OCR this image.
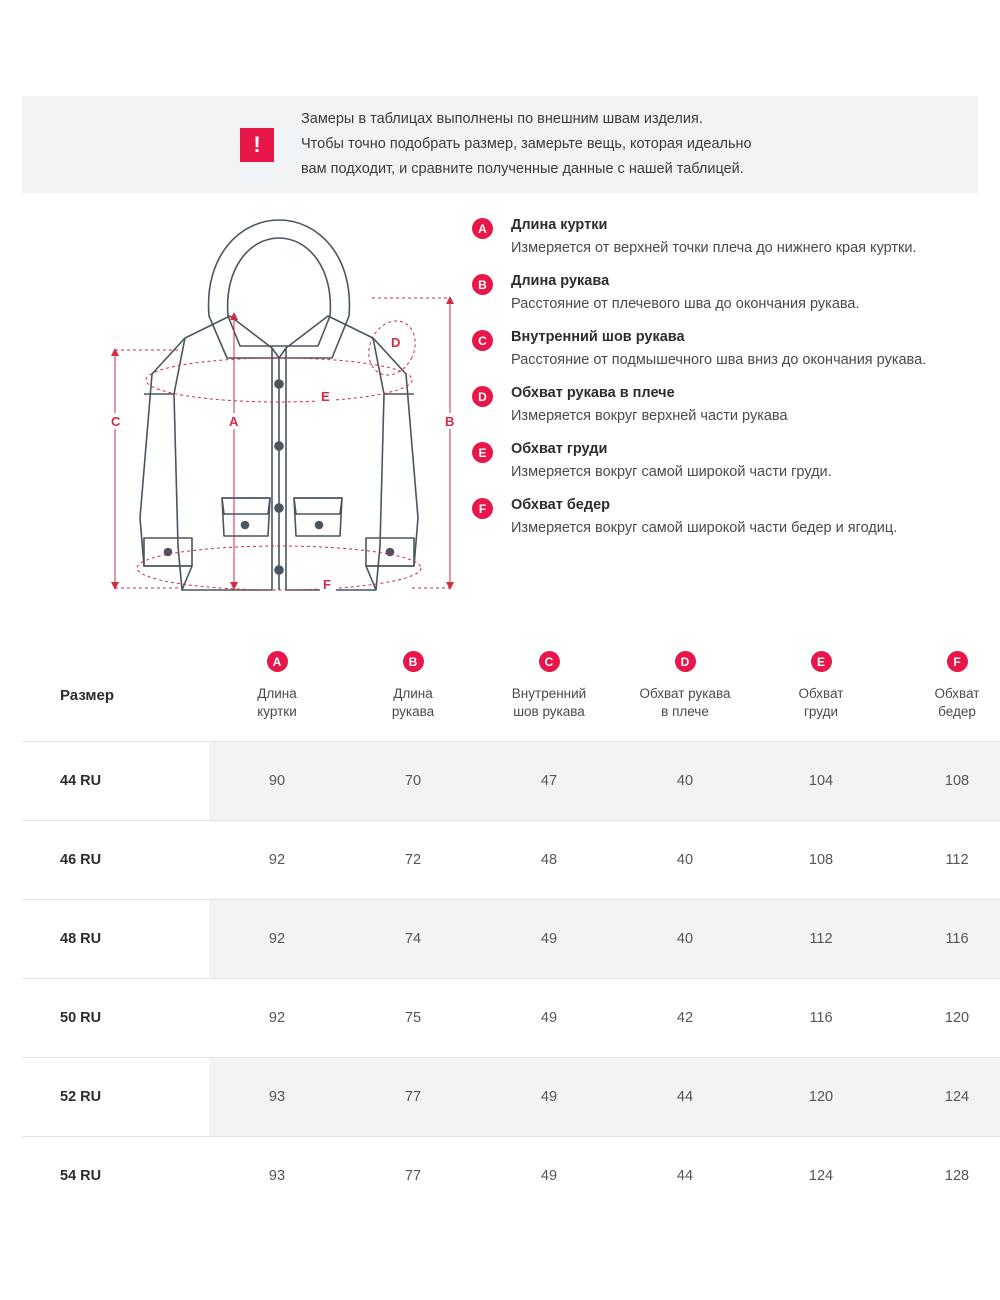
!
Замеры в таблицах выполнены по внешним швам изделия.
Чтобы точно подобрать размер, замерьте вещь, которая идеально
вам подходит, и сравните полученные данные с нашей таблицей.
C	A	B
D
E
F
A	Длина куртки
Измеряется от верхней точки плеча до нижнего края куртки.
B	Длина рукава
Расстояние от плечевого шва до окончания рукава.
C	Внутренний шов рукава
Расстояние от подмышечного шва вниз до окончания рукава.
D	Обхват рукава в плече
Измеряется вокруг верхней части рукава
E	Обхват груди
Измеряется вокруг самой широкой части груди.
F	Обхват бедер
Измеряется вокруг самой широкой части бедер и ягодиц.
Размер
	A
Длина
куртки
	B
Длина
рукава
	C
Внутренний
шов рукава
	D
Обхват рукава
в плече
	E
Обхват
груди
	F
Обхват
бедер

44 RU	90	70	47	40	104	108
46 RU	92	72	48	40	108	112
48 RU	92	74	49	40	112	116
50 RU	92	75	49	42	116	120
52 RU	93	77	49	44	120	124
54 RU	93	77	49	44	124	128
